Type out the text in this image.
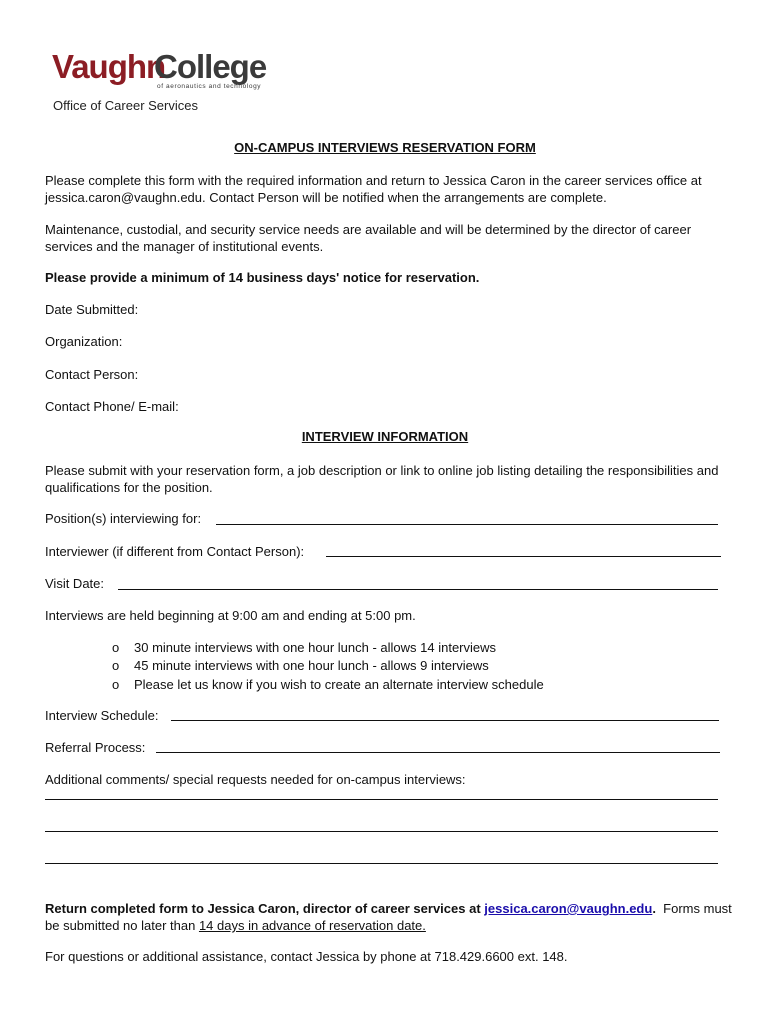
Vaughn
College
of aeronautics and technology
Office of Career Services
ON-CAMPUS INTERVIEWS RESERVATION FORM
Please complete this form with the required information and return to Jessica Caron in the career services office at jessica.caron@vaughn.edu. Contact Person will be notified when the arrangements are complete.
Maintenance, custodial, and security service needs are available and will be determined by the director of career services and the manager of institutional events.
Please provide a minimum of 14 business days' notice for reservation.
Date Submitted:
Organization:
Contact Person:
Contact Phone/ E-mail:
INTERVIEW INFORMATION
Please submit with your reservation form, a job description or link to online job listing detailing the responsibilities and qualifications for the position.
Position(s) interviewing for:
Interviewer (if different from Contact Person):
Visit Date:
Interviews are held beginning at 9:00 am and ending at 5:00 pm.
o 30 minute interviews with one hour lunch - allows 14 interviews
o 45 minute interviews with one hour lunch - allows 9 interviews
o Please let us know if you wish to create an alternate interview schedule
Interview Schedule:
Referral Process:
Additional comments/ special requests needed for on-campus interviews:
Return completed form to Jessica Caron, director of career services at jessica.caron@vaughn.edu. Forms must be submitted no later than 14 days in advance of reservation date.
For questions or additional assistance, contact Jessica by phone at 718.429.6600 ext. 148.
